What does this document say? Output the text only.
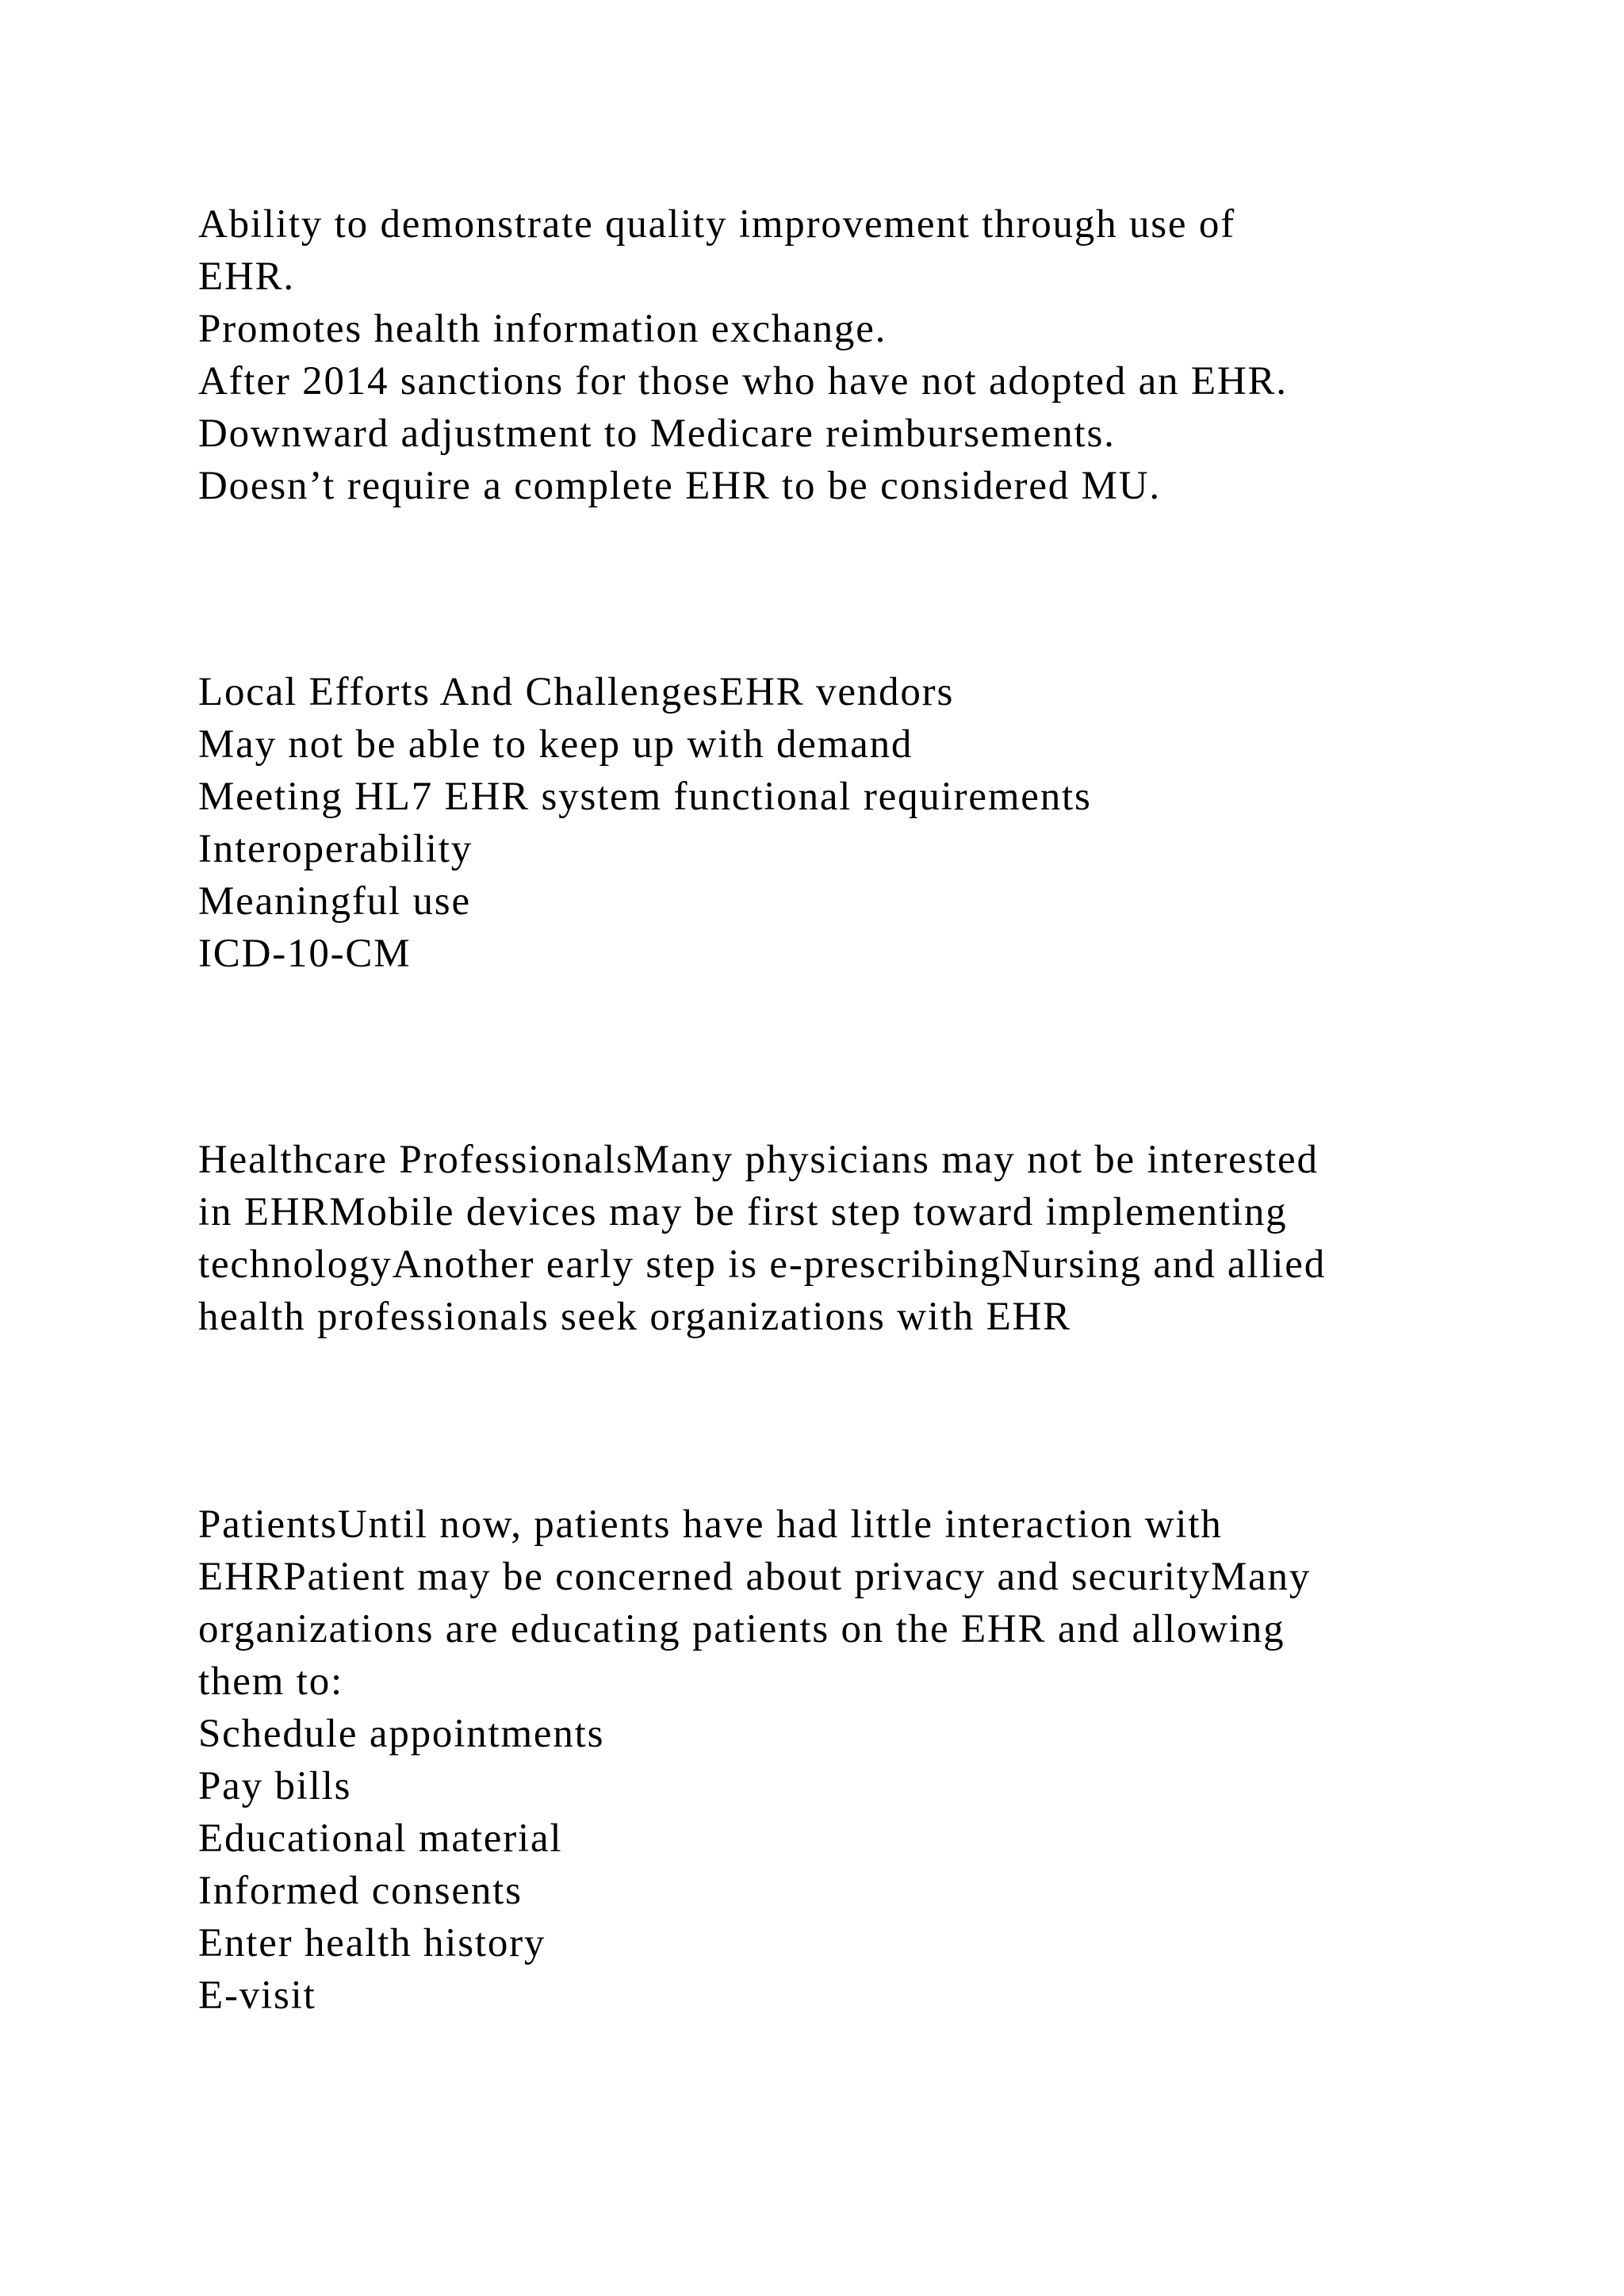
Ability to demonstrate quality improvement through use of
EHR.
Promotes health information exchange.
After 2014 sanctions for those who have not adopted an EHR.
Downward adjustment to Medicare reimbursements.
Doesn’t require a complete EHR to be considered MU.
Local Efforts And ChallengesEHR vendors
May not be able to keep up with demand
Meeting HL7 EHR system functional requirements
Interoperability
Meaningful use
ICD-10-CM
Healthcare ProfessionalsMany physicians may not be interested
in EHRMobile devices may be first step toward implementing
technologyAnother early step is e-prescribingNursing and allied
health professionals seek organizations with EHR
PatientsUntil now, patients have had little interaction with
EHRPatient may be concerned about privacy and securityMany
organizations are educating patients on the EHR and allowing
them to:
Schedule appointments
Pay bills
Educational material
Informed consents
Enter health history
E-visit
